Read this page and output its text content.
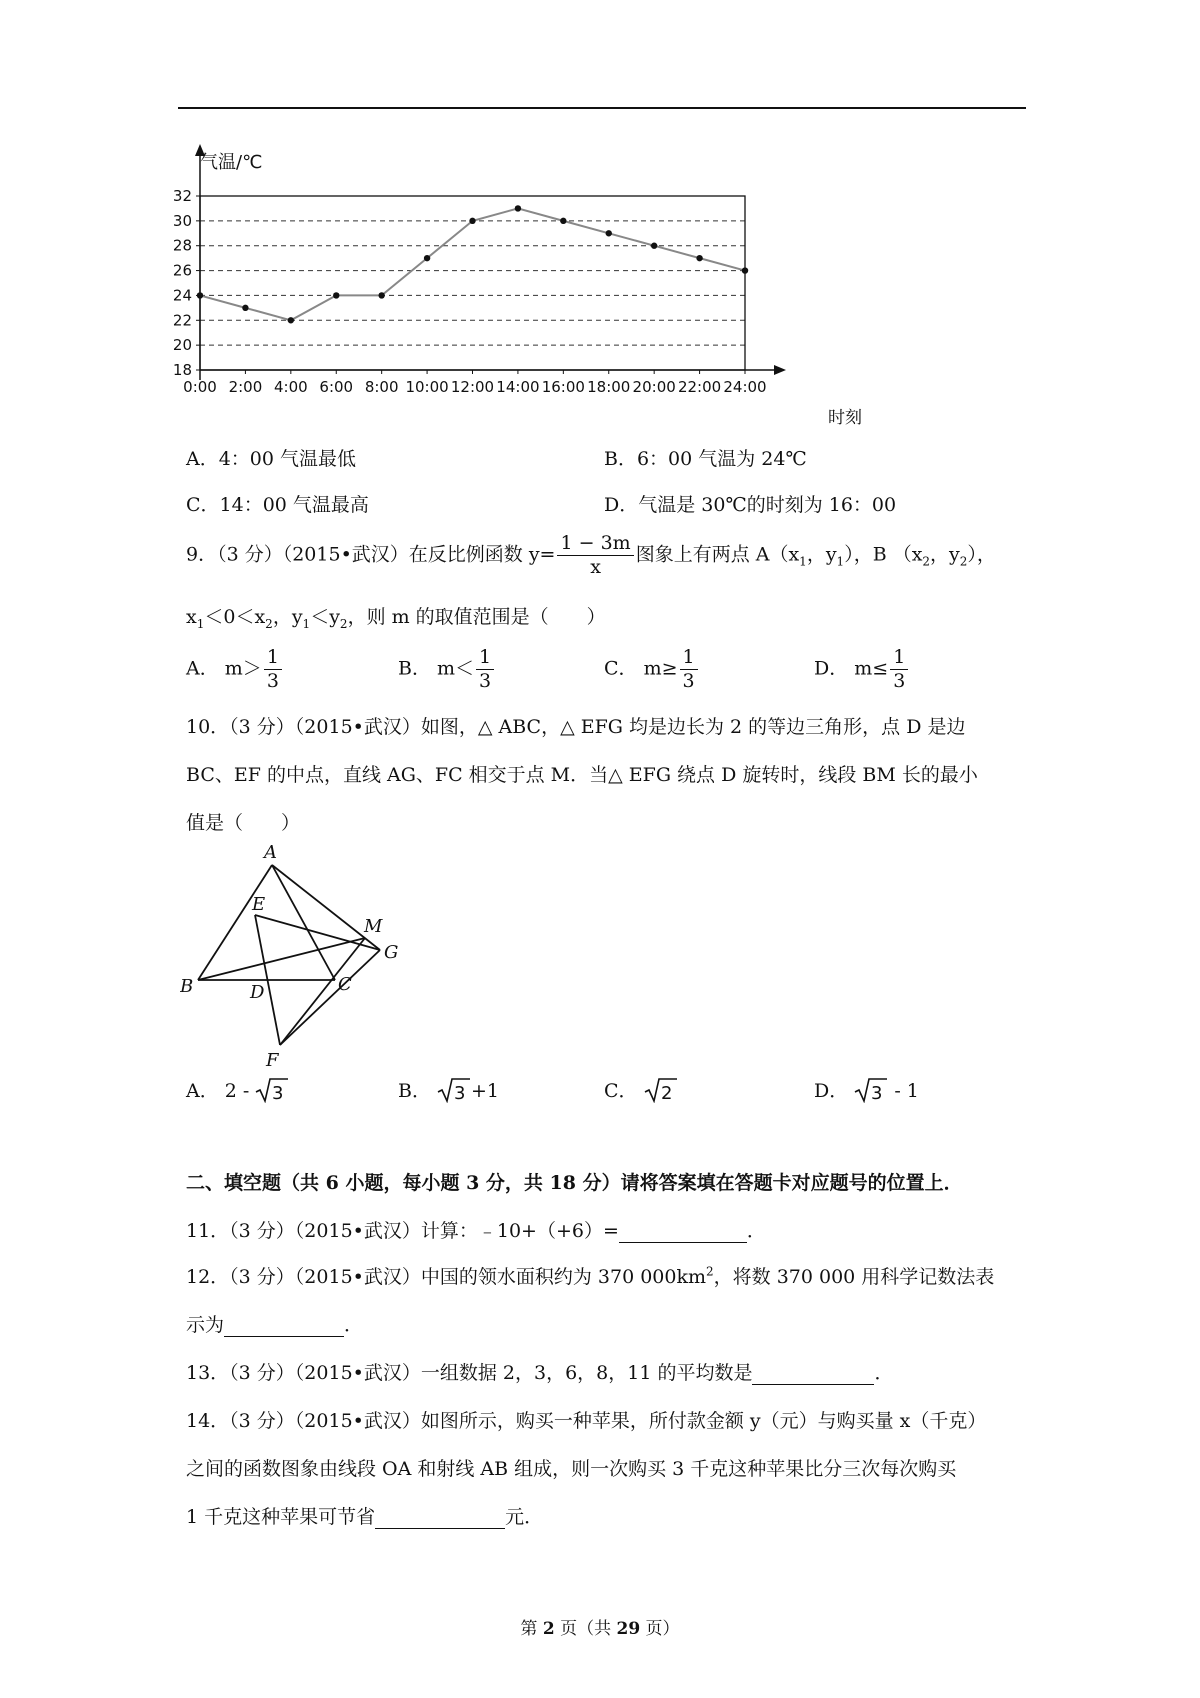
18
20
22
24
26
28
30
32
0:00 2:00 4:00 6:00 8:00 10:00 12:00 14:00 16:00 18:00 20:00 22:00 24:00
气温/℃
时刻
A．4：00 气温最低	B．6：00 气温为 24℃
C．14：00 气温最高	D．气温是 30℃的时刻为 16：00
9．（3 分）（2015•武汉）在反比例函数 $y= \frac{1 - 3m}{x}$ 图象上有两点 $A(x_1$，$y_1$），B （$x_2$，$y_2$），
$x_1<0<x_2$，$y_1<y_2$，则 m 的取值范围是（　　）
A． $m> \frac{1}{3}$	B． $m< \frac{1}{3}$	C． $m\ge \frac{1}{3}$	D． $m\le \frac{1}{3}$
10．（3 分）（2015•武汉）如图，△ ABC，△ EFG 均是边长为 2 的等边三角形，点 D 是边
BC、EF 的中点，直线 AG、FC 相交于点 M．当△ EFG 绕点 D 旋转时，线段 BM 长的最小
值是（　　）
A
B	C
D
E
F
G
M
A． 2 - 3	B． 3 +1	C． 2	D． 3 - 1
二、填空题（共 6 小题，每小题 3 分，共 18 分）请将答案填在答题卡对应题号的位置上．
11．（3 分）（2015•武汉）计算：﹣10+（+6）=	．
12．（3 分）（2015•武汉）中国的领水面积约为 370 $000km^2$，将数 370 000 用科学记数法表
示为	．
13．（3 分）（2015•武汉）一组数据 2，3，6，8，11 的平均数是	．
14．（3 分）（2015•武汉）如图所示，购买一种苹果，所付款金额 y（元）与购买量 x（千克）
之间的函数图象由线段 OA 和射线 AB 组成，则一次购买 3 千克这种苹果比分三次每次购买
1 千克这种苹果可节省	元．
第 2 页（共 29 页）
